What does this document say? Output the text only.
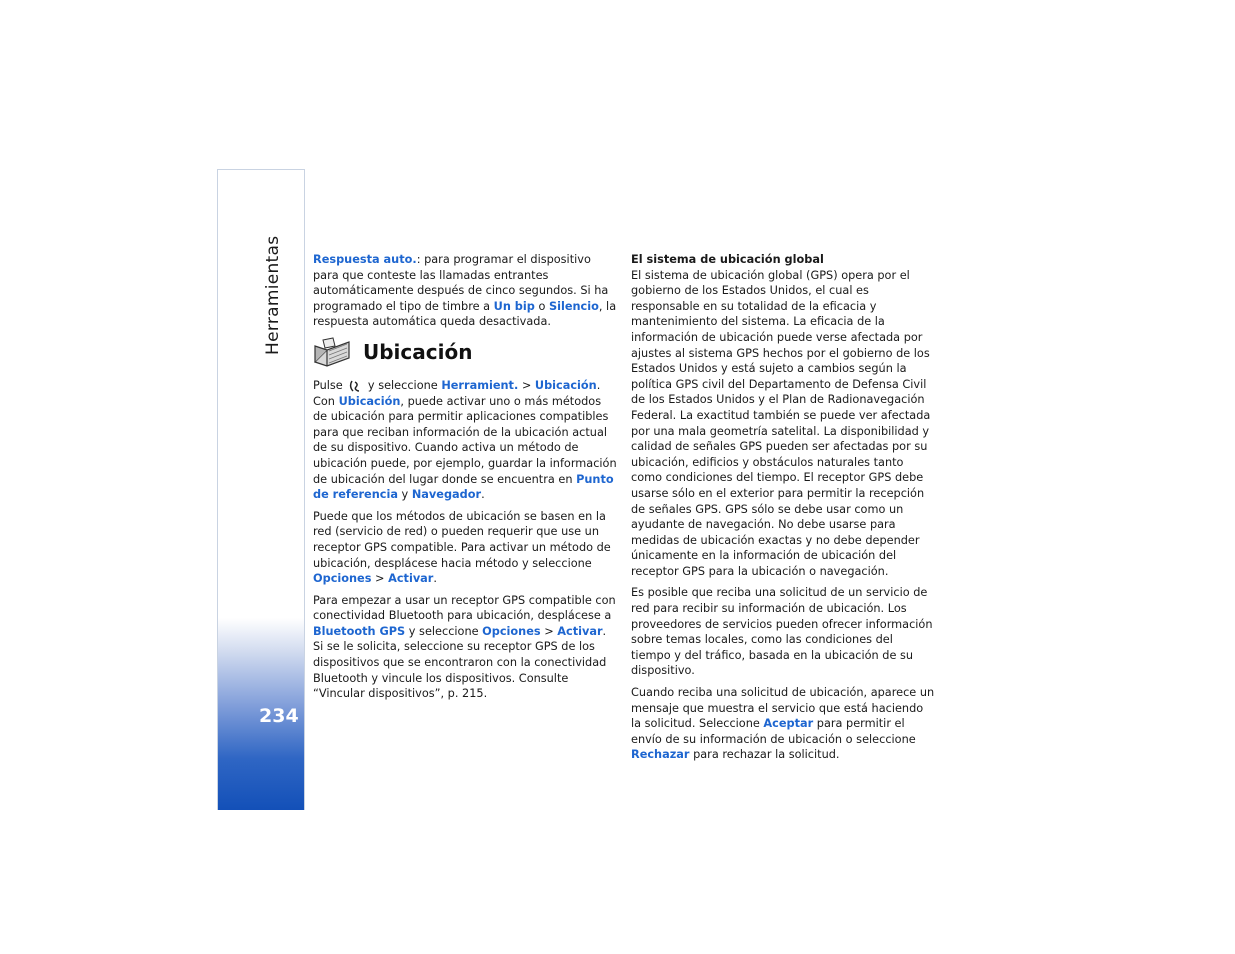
Herramientas
234

Respuesta auto.: para programar el dispositivo para que conteste las llamadas entrantes automáticamente después de cinco segundos. Si ha programado el tipo de timbre a Un bip o Silencio, la respuesta automática queda desactivada.

Ubicación

Pulse  y seleccione Herramient. > Ubicación. Con Ubicación, puede activar uno o más métodos de ubicación para permitir aplicaciones compatibles para que reciban información de la ubicación actual de su dispositivo. Cuando activa un método de ubicación puede, por ejemplo, guardar la información de ubicación del lugar donde se encuentra en Punto de referencia y Navegador.

Puede que los métodos de ubicación se basen en la red (servicio de red) o pueden requerir que use un receptor GPS compatible. Para activar un método de ubicación, desplácese hacia método y seleccione Opciones > Activar.

Para empezar a usar un receptor GPS compatible con conectividad Bluetooth para ubicación, desplácese a Bluetooth GPS y seleccione Opciones > Activar. Si se le solicita, seleccione su receptor GPS de los dispositivos que se encontraron con la conectividad Bluetooth y vincule los dispositivos. Consulte “Vincular dispositivos”, p. 215.

El sistema de ubicación global
El sistema de ubicación global (GPS) opera por el gobierno de los Estados Unidos, el cual es responsable en su totalidad de la eficacia y mantenimiento del sistema. La eficacia de la información de ubicación puede verse afectada por ajustes al sistema GPS hechos por el gobierno de los Estados Unidos y está sujeto a cambios según la política GPS civil del Departamento de Defensa Civil de los Estados Unidos y el Plan de Radionavegación Federal. La exactitud también se puede ver afectada por una mala geometría satelital. La disponibilidad y calidad de señales GPS pueden ser afectadas por su ubicación, edificios y obstáculos naturales tanto como condiciones del tiempo. El receptor GPS debe usarse sólo en el exterior para permitir la recepción de señales GPS. GPS sólo se debe usar como un ayudante de navegación. No debe usarse para medidas de ubicación exactas y no debe depender únicamente en la información de ubicación del receptor GPS para la ubicación o navegación.

Es posible que reciba una solicitud de un servicio de red para recibir su información de ubicación. Los proveedores de servicios pueden ofrecer información sobre temas locales, como las condiciones del tiempo y del tráfico, basada en la ubicación de su dispositivo.

Cuando reciba una solicitud de ubicación, aparece un mensaje que muestra el servicio que está haciendo la solicitud. Seleccione Aceptar para permitir el envío de su información de ubicación o seleccione Rechazar para rechazar la solicitud.
